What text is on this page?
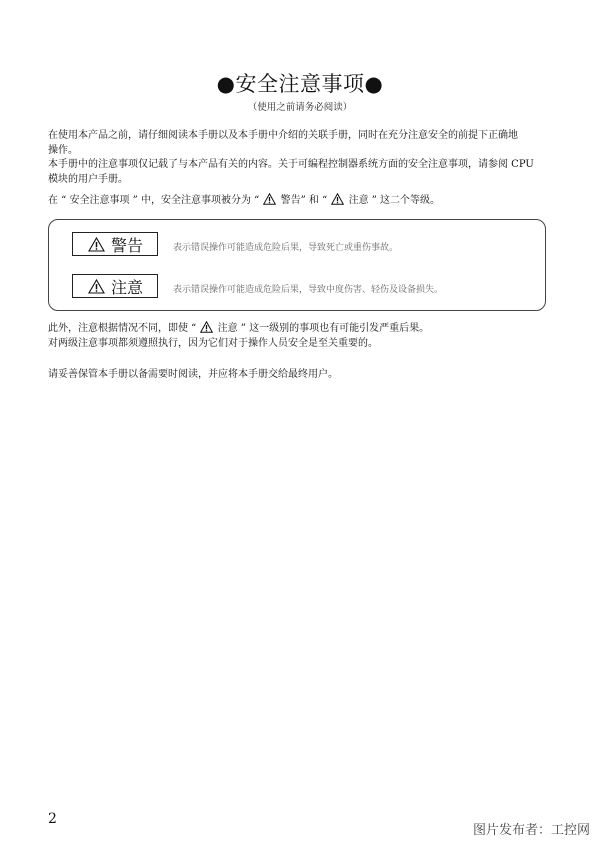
●安全注意事项●
（使用之前请务必阅读）
在使用本产品之前，请仔细阅读本手册以及本手册中介绍的关联手册，同时在充分注意安全的前提下正确地
操作。
本手册中的注意事项仅记载了与本产品有关的内容。关于可编程控制器系统方面的安全注意事项，请参阅 CPU
模块的用户手册。
在 “ 安全注意事项 ” 中，安全注意事项被分为 “ 警告” 和 “ 注意 ” 这二个等级。
警告	表示错误操作可能造成危险后果，导致死亡或重伤事故。
注意	表示错误操作可能造成危险后果，导致中度伤害、轻伤及设备损失。
此外，注意根据情况不同，即使 “ 注意 ” 这一级别的事项也有可能引发严重后果。
对两级注意事项都须遵照执行，因为它们对于操作人员安全是至关重要的。
请妥善保管本手册以备需要时阅读，并应将本手册交给最终用户。
2
图片发布者：工控网
